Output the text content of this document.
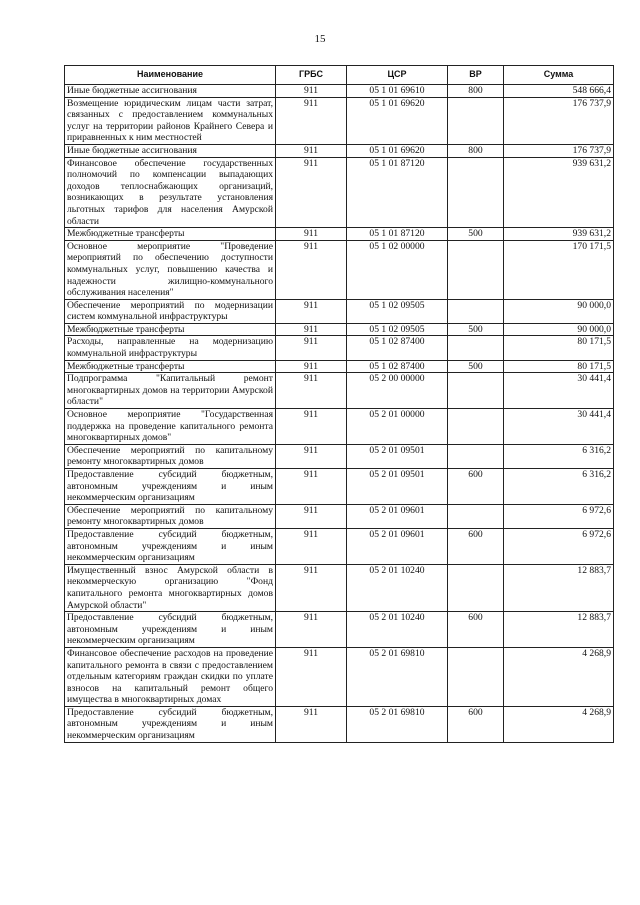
15
Наименование	ГРБС	ЦСР	ВР	Сумма
Иные бюджетные ассигнования	911	05 1 01 69610	800	548 666,4
Возмещение юридическим лицам части затрат, связанных с предоставлением коммунальных услуг на территории районов Крайнего Севера и приравненных к ним местностей	911	05 1 01 69620		176 737,9
Иные бюджетные ассигнования	911	05 1 01 69620	800	176 737,9
Финансовое обеспечение государственных полномочий по компенсации выпадающих доходов теплоснабжающих организаций, возникающих в результате установления льготных тарифов для населения Амурской области	911	05 1 01 87120		939 631,2
Межбюджетные трансферты	911	05 1 01 87120	500	939 631,2
Основное мероприятие "Проведение мероприятий по обеспечению доступности коммунальных услуг, повышению качества и надежности жилищно-коммунального обслуживания населения"	911	05 1 02 00000		170 171,5
Обеспечение мероприятий по модернизации систем коммунальной инфраструктуры	911	05 1 02 09505		90 000,0
Межбюджетные трансферты	911	05 1 02 09505	500	90 000,0
Расходы, направленные на модернизацию коммунальной инфраструктуры	911	05 1 02 87400		80 171,5
Межбюджетные трансферты	911	05 1 02 87400	500	80 171,5
Подпрограмма "Капитальный ремонт многоквартирных домов на территории Амурской области"	911	05 2 00 00000		30 441,4
Основное мероприятие "Государственная поддержка на проведение капитального ремонта многоквартирных домов"	911	05 2 01 00000		30 441,4
Обеспечение мероприятий по капитальному ремонту многоквартирных домов	911	05 2 01 09501		6 316,2
Предоставление субсидий бюджетным, автономным учреждениям и иным некоммерческим организациям	911	05 2 01 09501	600	6 316,2
Обеспечение мероприятий по капитальному ремонту многоквартирных домов	911	05 2 01 09601		6 972,6
Предоставление субсидий бюджетным, автономным учреждениям и иным некоммерческим организациям	911	05 2 01 09601	600	6 972,6
Имущественный взнос Амурской области в некоммерческую организацию "Фонд капитального ремонта многоквартирных домов Амурской области"	911	05 2 01 10240		12 883,7
Предоставление субсидий бюджетным, автономным учреждениям и иным некоммерческим организациям	911	05 2 01 10240	600	12 883,7
Финансовое обеспечение расходов на проведение капитального ремонта в связи с предоставлением отдельным категориям граждан скидки по уплате взносов на капитальный ремонт общего имущества в многоквартирных домах	911	05 2 01 69810		4 268,9
Предоставление субсидий бюджетным, автономным учреждениям и иным некоммерческим организациям	911	05 2 01 69810	600	4 268,9
